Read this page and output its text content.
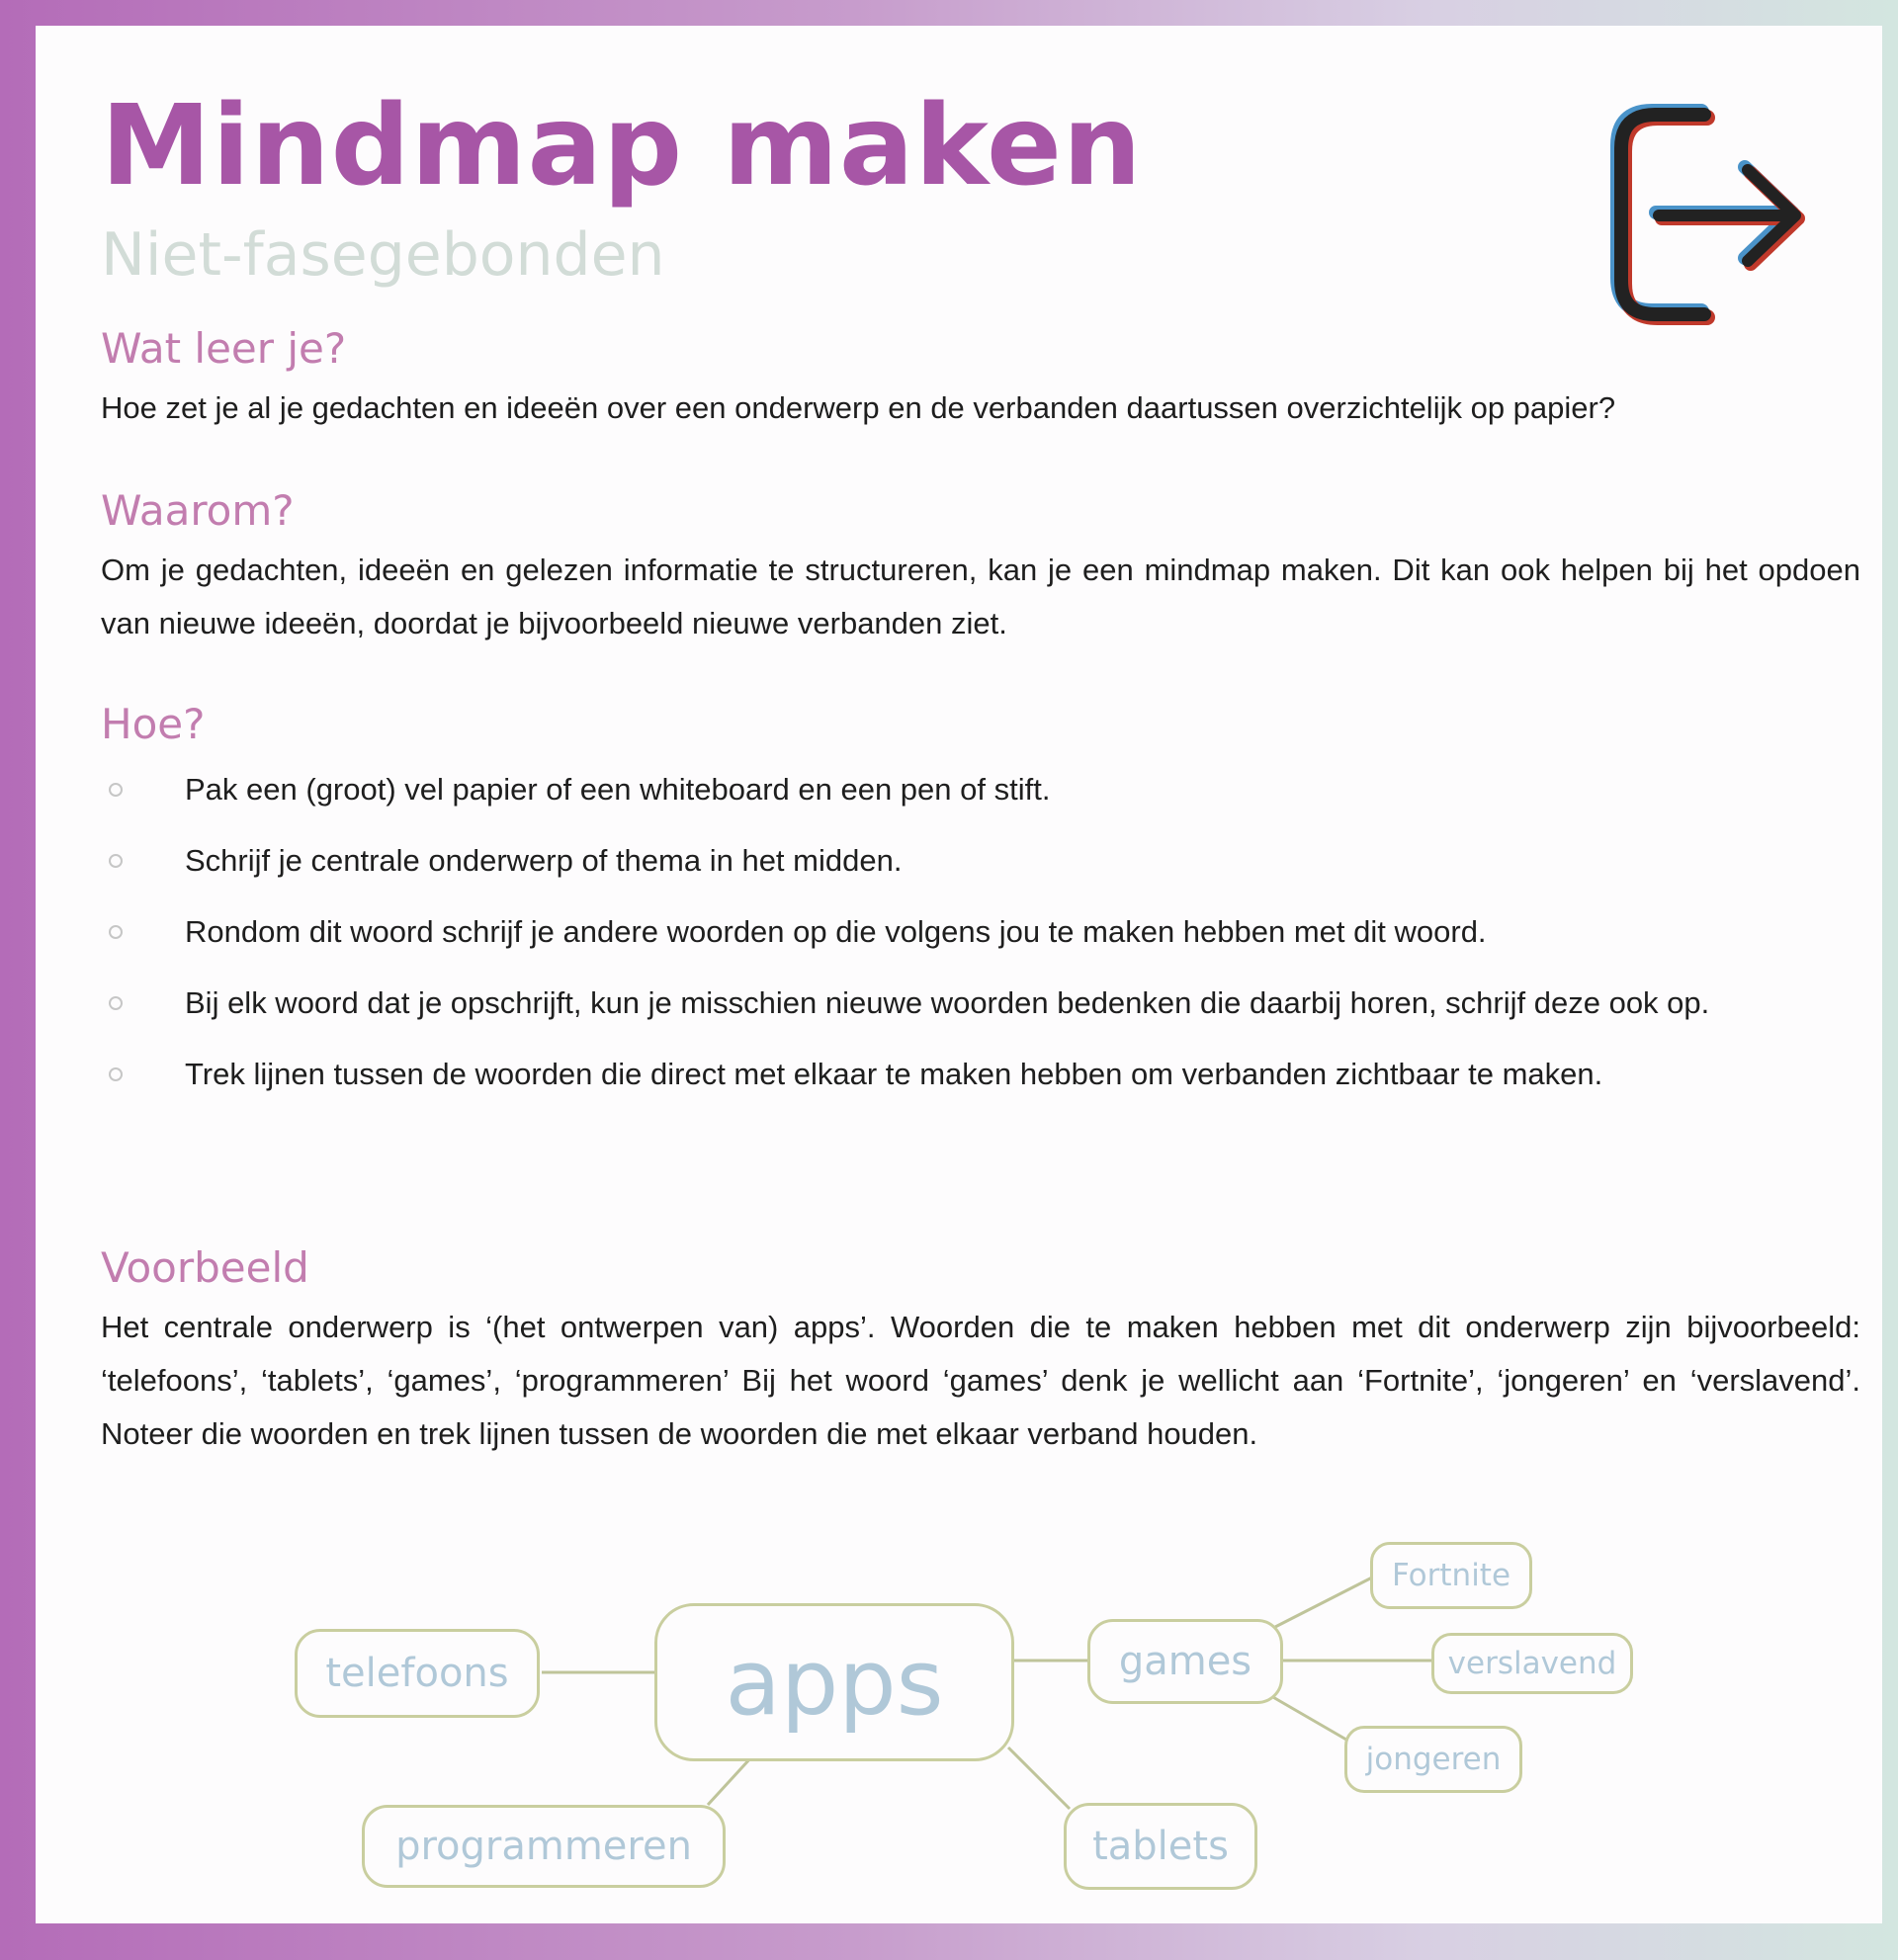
Mindmap maken
Niet-fasegebonden
Wat leer je?

Hoe zet je al je gedachten en ideeën over een onderwerp en de verbanden daartussen overzichtelijk op papier?

Waarom?

Om je gedachten, ideeën en gelezen informatie te structureren, kan je een mindmap maken. Dit kan ook helpen bij het opdoen van nieuwe ideeën, doordat je bijvoorbeeld nieuwe verbanden ziet.

Hoe?
Pak een (groot) vel papier of een whiteboard en een pen of stift.
Schrijf je centrale onderwerp of thema in het midden.
Rondom dit woord schrijf je andere woorden op die volgens jou te maken hebben met dit woord.
Bij elk woord dat je opschrijft, kun je misschien nieuwe woorden bedenken die daarbij horen, schrijf deze ook op.
Trek lijnen tussen de woorden die direct met elkaar te maken hebben om verbanden zichtbaar te maken.
Voorbeeld

Het centrale onderwerp is ‘(het ontwerpen van) apps’. Woorden die te maken hebben met dit onderwerp zijn bijvoorbeeld: ‘telefoons’, ‘tablets’, ‘games’, ‘programmeren’ Bij het woord ‘games’ denk je wellicht aan ‘Fortnite’, ‘jongeren’ en ‘verslavend’. Noteer die woorden en trek lijnen tussen de woorden die met elkaar verband houden.

telefoons	apps
programmeren
games
tablets
Fortnite
verslavend
jongeren
